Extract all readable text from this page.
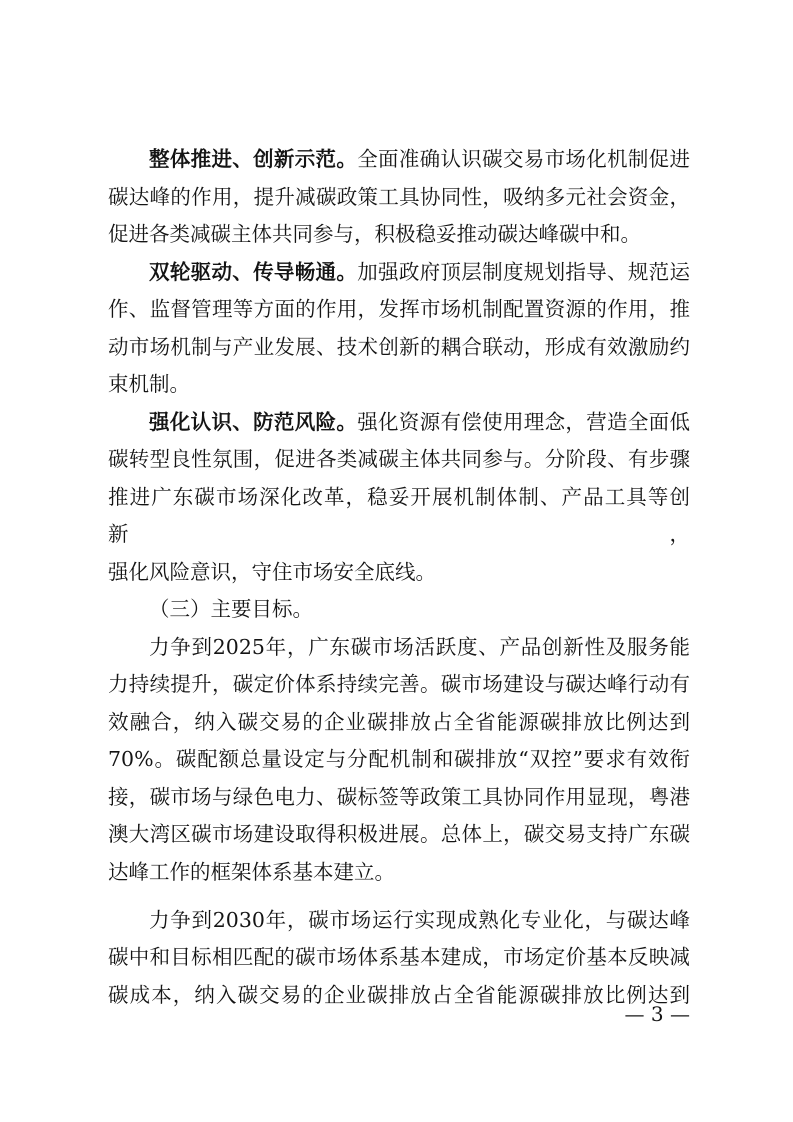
整体推进、创新示范。全面准确认识碳交易市场化机制促进
碳达峰的作用，提升减碳政策工具协同性，吸纳多元社会资金，
促进各类减碳主体共同参与，积极稳妥推动碳达峰碳中和。
双轮驱动、传导畅通。加强政府顶层制度规划指导、规范运
作、监督管理等方面的作用，发挥市场机制配置资源的作用，推
动市场机制与产业发展、技术创新的耦合联动，形成有效激励约
束机制。
强化认识、防范风险。强化资源有偿使用理念，营造全面低
碳转型良性氛围，促进各类减碳主体共同参与。分阶段、有步骤
推进广东碳市场深化改革，稳妥开展机制体制、产品工具等创新，
强化风险意识，守住市场安全底线。
（三）主要目标。
力争到2025年，广东碳市场活跃度、产品创新性及服务能
力持续提升，碳定价体系持续完善。碳市场建设与碳达峰行动有
效融合，纳入碳交易的企业碳排放占全省能源碳排放比例达到
70%。碳配额总量设定与分配机制和碳排放“双控”要求有效衔
接，碳市场与绿色电力、碳标签等政策工具协同作用显现，粤港
澳大湾区碳市场建设取得积极进展。总体上，碳交易支持广东碳
达峰工作的框架体系基本建立。
力争到2030年，碳市场运行实现成熟化专业化，与碳达峰
碳中和目标相匹配的碳市场体系基本建成，市场定价基本反映减
碳成本，纳入碳交易的企业碳排放占全省能源碳排放比例达到
— 3 —
